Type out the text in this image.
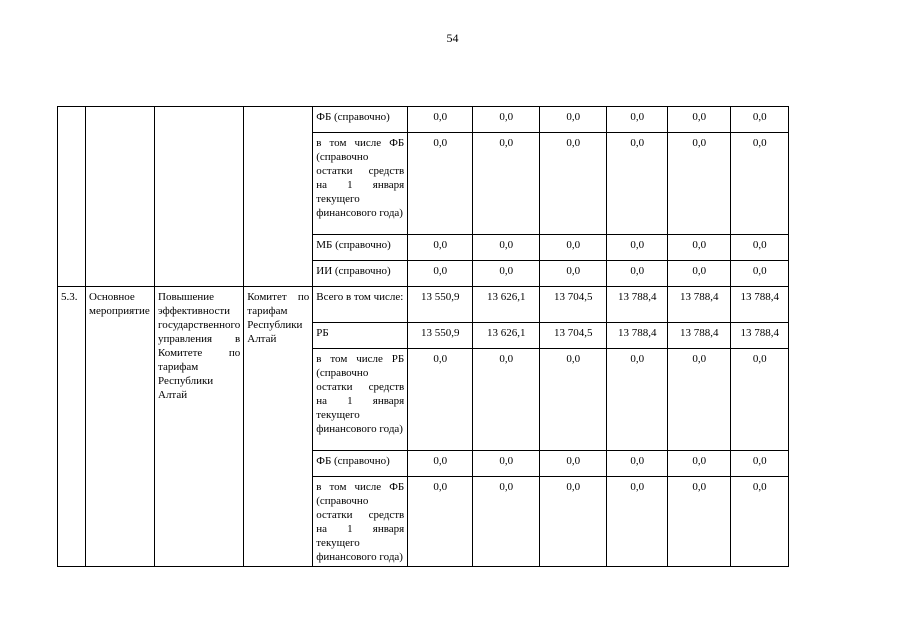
54
				ФБ (справочно)	0,0	0,0	0,0	0,0	0,0	0,0
				в том числе ФБ (справочно остатки средств на 1 января текущего финансового года)	0,0	0,0	0,0	0,0	0,0	0,0
				МБ (справочно)	0,0	0,0	0,0	0,0	0,0	0,0
				ИИ (справочно)	0,0	0,0	0,0	0,0	0,0	0,0
5.3.	Основное мероприятие	Повышение эффективности государственного управления в Комитете по тарифам Республики Алтай	Комитет по тарифам Республики Алтай	Всего в том числе:	13 550,9	13 626,1	13 704,5	13 788,4	13 788,4	13 788,4
				РБ	13 550,9	13 626,1	13 704,5	13 788,4	13 788,4	13 788,4
				в том числе РБ (справочно остатки средств на 1 января текущего финансового года)	0,0	0,0	0,0	0,0	0,0	0,0
				ФБ (справочно)	0,0	0,0	0,0	0,0	0,0	0,0
				в том числе ФБ (справочно остатки средств на 1 января текущего финансового года)	0,0	0,0	0,0	0,0	0,0	0,0
